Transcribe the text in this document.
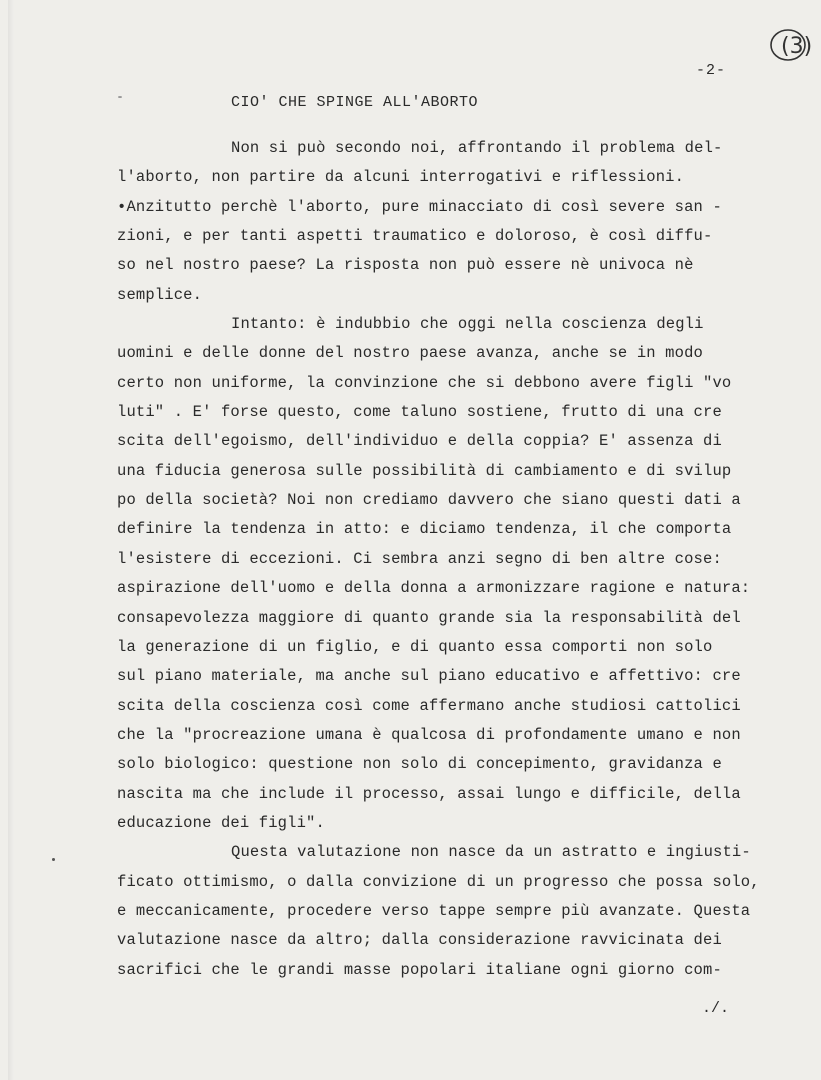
(3)
-2-
CIO' CHE SPINGE ALL'ABORTO
Non si può secondo noi, affrontando il problema del-
l'aborto, non partire da alcuni interrogativi e riflessioni.
•Anzitutto perchè l'aborto, pure minacciato di così severe san -
zioni, e per tanti aspetti traumatico e doloroso, è così diffu-
so nel nostro paese? La risposta non può essere nè univoca nè
semplice.
Intanto: è indubbio che oggi nella coscienza degli
uomini e delle donne del nostro paese avanza, anche se in modo
certo non uniforme, la convinzione che si debbono avere figli "vo
luti" . E' forse questo, come taluno sostiene, frutto di una cre
scita dell'egoismo, dell'individuo e della coppia? E' assenza di
una fiducia generosa sulle possibilità di cambiamento e di svilup
po della società? Noi non crediamo davvero che siano questi dati a
definire la tendenza in atto: e diciamo tendenza, il che comporta
l'esistere di eccezioni. Ci sembra anzi segno di ben altre cose:
aspirazione dell'uomo e della donna a armonizzare ragione e natura:
consapevolezza maggiore di quanto grande sia la responsabilità del
la generazione di un figlio, e di quanto essa comporti non solo
sul piano materiale, ma anche sul piano educativo e affettivo: cre
scita della coscienza così come affermano anche studiosi cattolici
che la "procreazione umana è qualcosa di profondamente umano e non
solo biologico: questione non solo di concepimento, gravidanza e
nascita ma che include il processo, assai lungo e difficile, della
educazione dei figli".
Questa valutazione non nasce da un astratto e ingiusti-
ficato ottimismo, o dalla convizione di un progresso che possa solo,
e meccanicamente, procedere verso tappe sempre più avanzate. Questa
valutazione nasce da altro; dalla considerazione ravvicinata dei
sacrifici che le grandi masse popolari italiane ogni giorno com-
./.
